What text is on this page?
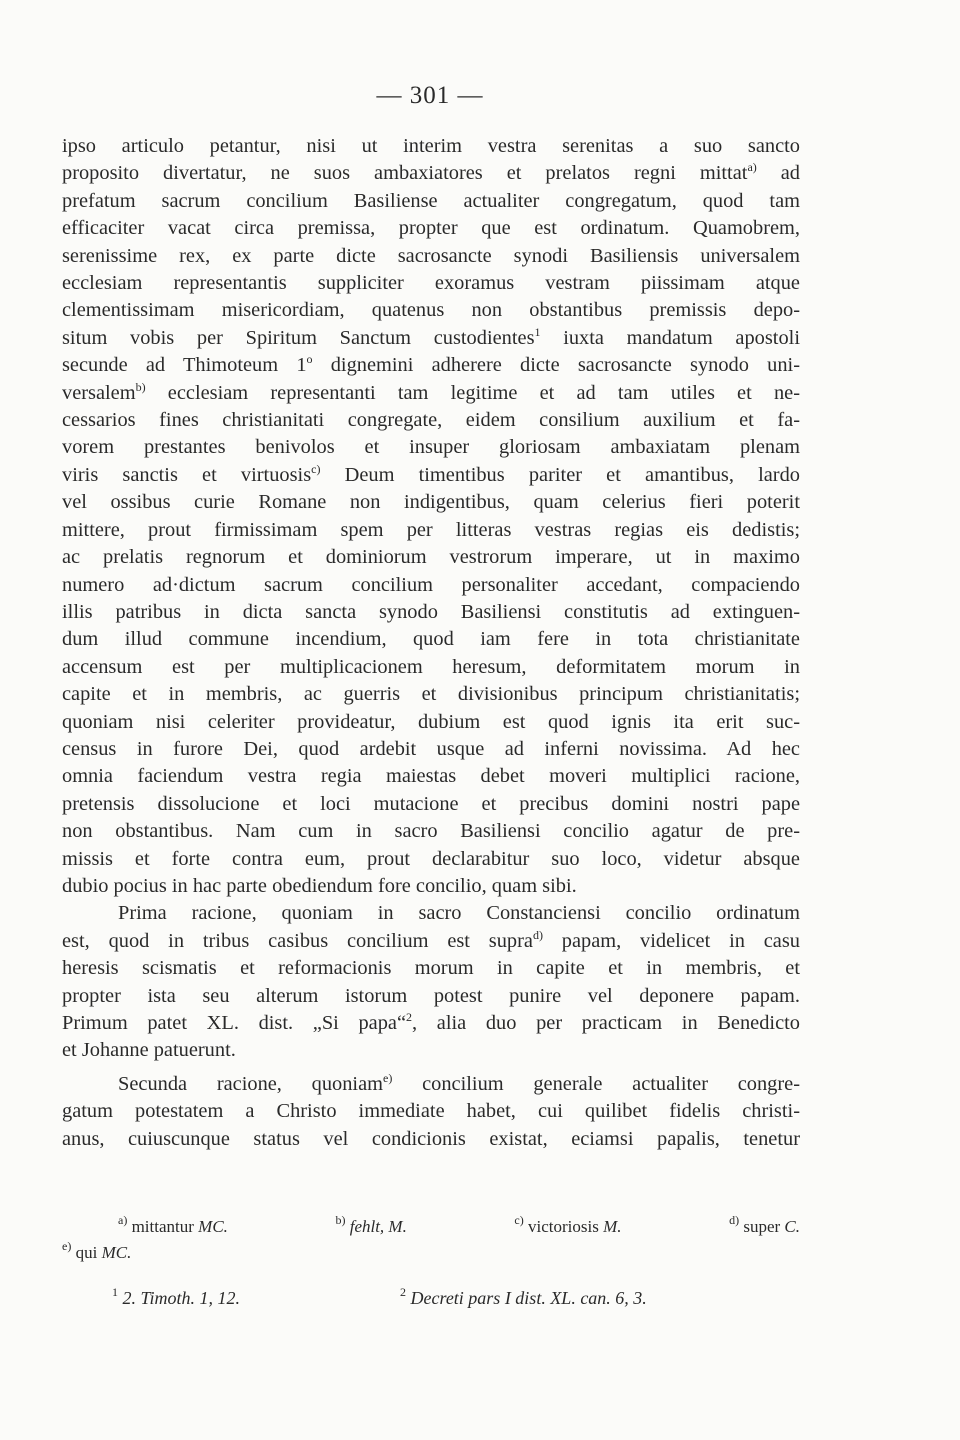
— 301 —

ipso articulo petantur, nisi ut interim vestra serenitas a suo sancto
proposito divertatur, ne suos ambaxiatores et prelatos regni mittat$^{a)}$ ad
prefatum sacrum concilium Basiliense actualiter congregatum, quod tam
efficaciter vacat circa premissa, propter que est ordinatum. Quamobrem,
serenissime rex, ex parte dicte sacrosancte synodi Basiliensis universalem
ecclesiam representantis suppliciter exoramus vestram piissimam atque
clementissimam misericordiam, quatenus non obstantibus premissis depo-
situm vobis per Spiritum Sanctum custodientes$^1$ iuxta mandatum apostoli
secunde ad Thimoteum 1$^o$ dignemini adherere dicte sacrosancte synodo uni-
versalem$^{b)}$ ecclesiam representanti tam legitime et ad tam utiles et ne-
cessarios fines christianitati congregate, eidem consilium auxilium et fa-
vorem prestantes benivolos et insuper gloriosam ambaxiatam plenam
viris sanctis et virtuosis$^{c)}$ Deum timentibus pariter et amantibus, lardo
vel ossibus curie Romane non indigentibus, quam celerius fieri poterit
mittere, prout firmissimam spem per litteras vestras regias eis dedistis;
ac prelatis regnorum et dominiorum vestrorum imperare, ut in maximo
numero ad·dictum sacrum concilium personaliter accedant, compaciendo
illis patribus in dicta sancta synodo Basiliensi constitutis ad extinguen-
dum illud commune incendium, quod iam fere in tota christianitate
accensum est per multiplicacionem heresum, deformitatem morum in
capite et in membris, ac guerris et divisionibus principum christianitatis;
quoniam nisi celeriter provideatur, dubium est quod ignis ita erit suc-
census in furore Dei, quod ardebit usque ad inferni novissima. Ad hec
omnia faciendum vestra regia maiestas debet moveri multiplici racione,
pretensis dissolucione et loci mutacione et precibus domini nostri pape
non obstantibus. Nam cum in sacro Basiliensi concilio agatur de pre-
missis et forte contra eum, prout declarabitur suo loco, videtur absque
dubio pocius in hac parte obediendum fore concilio, quam sibi.

Prima racione, quoniam in sacro Constanciensi concilio ordinatum
est, quod in tribus casibus concilium est supra$^{d)}$ papam, videlicet in casu
heresis scismatis et reformacionis morum in capite et in membris, et
propter ista seu alterum istorum potest punire vel deponere papam.
Primum patet XL. dist. „Si papa“$^2$, alia duo per practicam in Benedicto
et Johanne patuerunt.

Secunda racione, quoniam$^{e)}$ concilium generale actualiter congre-
gatum potestatem a Christo immediate habet, cui quilibet fidelis christi-
anus, cuiuscunque status vel condicionis existat, eciamsi papalis, tenetur

$^{a)}$ mittantur MC.	$^{b)}$ fehlt, M.	$^{c)}$ victoriosis M.	$^{d)}$ super C.
$^{e)}$ qui MC.
$^1$ 2. Timoth. 1, 12.	$^2$ Decreti pars I dist. XL. can. 6, 3.
